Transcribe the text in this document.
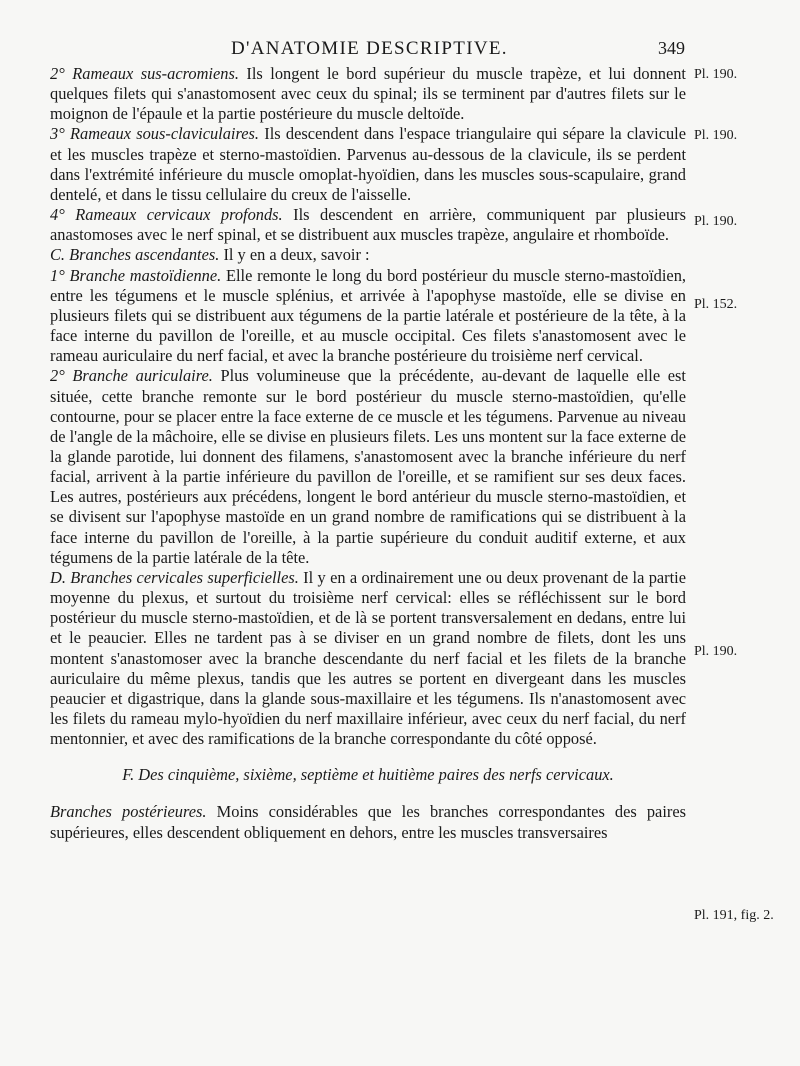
D'ANATOMIE DESCRIPTIVE.	349

2° Rameaux sus-acromiens. Ils longent le bord supérieur du muscle trapèze, et lui donnent quelques filets qui s'anastomosent avec ceux du spinal; ils se terminent par d'autres filets sur le moignon de l'épaule et la partie postérieure du muscle deltoïde.

3° Rameaux sous-claviculaires. Ils descendent dans l'espace triangulaire qui sépare la clavicule et les muscles trapèze et sterno-mastoïdien. Parvenus au-dessous de la clavicule, ils se perdent dans l'extrémité inférieure du muscle omoplat-hyoïdien, dans les muscles sous-scapulaire, grand dentelé, et dans le tissu cellulaire du creux de l'aisselle.

4° Rameaux cervicaux profonds. Ils descendent en arrière, communiquent par plusieurs anastomoses avec le nerf spinal, et se distribuent aux muscles trapèze, angulaire et rhomboïde.

C. Branches ascendantes. Il y en a deux, savoir :

1° Branche mastoïdienne. Elle remonte le long du bord postérieur du muscle sterno-mastoïdien, entre les tégumens et le muscle splénius, et arrivée à l'apophyse mastoïde, elle se divise en plusieurs filets qui se distribuent aux tégumens de la partie latérale et postérieure de la tête, à la face interne du pavillon de l'oreille, et au muscle occipital. Ces filets s'anastomosent avec le rameau auriculaire du nerf facial, et avec la branche postérieure du troisième nerf cervical.

2° Branche auriculaire. Plus volumineuse que la précédente, au-devant de laquelle elle est située, cette branche remonte sur le bord postérieur du muscle sterno-mastoïdien, qu'elle contourne, pour se placer entre la face externe de ce muscle et les tégumens. Parvenue au niveau de l'angle de la mâchoire, elle se divise en plusieurs filets. Les uns montent sur la face externe de la glande parotide, lui donnent des filamens, s'anastomosent avec la branche inférieure du nerf facial, arrivent à la partie inférieure du pavillon de l'oreille, et se ramifient sur ses deux faces. Les autres, postérieurs aux précédens, longent le bord antérieur du muscle sterno-mastoïdien, et se divisent sur l'apophyse mastoïde en un grand nombre de ramifications qui se distribuent à la face interne du pavillon de l'oreille, à la partie supérieure du conduit auditif externe, et aux tégumens de la partie latérale de la tête.

D. Branches cervicales superficielles. Il y en a ordinairement une ou deux provenant de la partie moyenne du plexus, et surtout du troisième nerf cervical: elles se réfléchissent sur le bord postérieur du muscle sterno-mastoïdien, et de là se portent transversalement en dedans, entre lui et le peaucier. Elles ne tardent pas à se diviser en un grand nombre de filets, dont les uns montent s'anastomoser avec la branche descendante du nerf facial et les filets de la branche auriculaire du même plexus, tandis que les autres se portent en divergeant dans les muscles peaucier et digastrique, dans la glande sous-maxillaire et les tégumens. Ils n'anastomosent avec les filets du rameau mylo-hyoïdien du nerf maxillaire inférieur, avec ceux du nerf facial, du nerf mentonnier, et avec des ramifications de la branche correspondante du côté opposé.

F. Des cinquième, sixième, septième et huitième paires des nerfs cervicaux.

Branches postérieures. Moins considérables que les branches correspondantes des paires supérieures, elles descendent obliquement en dehors, entre les muscles transversaires

Pl. 190.
Pl. 190.
Pl. 190.
Pl. 152.
Pl. 190.
Pl. 191, fig. 2.
